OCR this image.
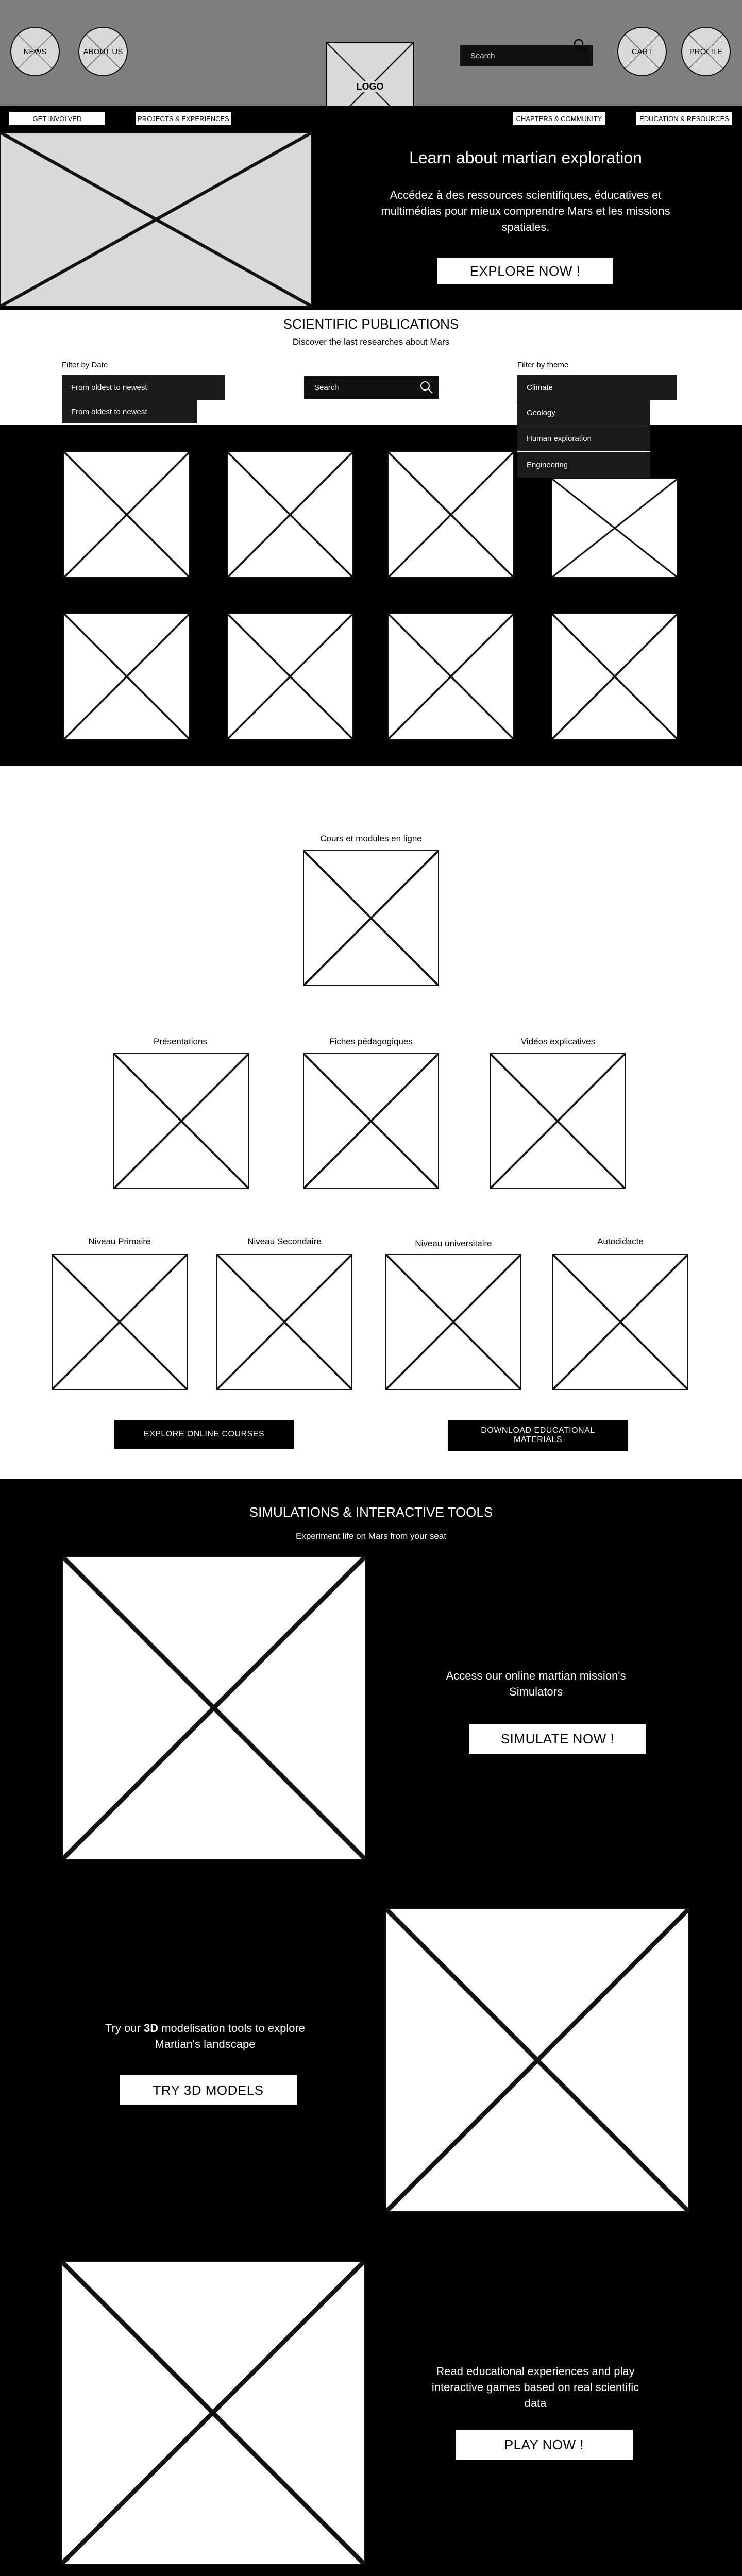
NEWS	ABOUT US
LOGO
Search	CART	PROFILE
GET INVOLVED	PROJECTS & EXPERIENCES	CHAPTERS & COMMUNITY	EDUCATION & RESOURCES
Learn about martian exploration
Accédez à des ressources scientifiques, éducatives et multimédias pour mieux comprendre Mars et les missions spatiales.
EXPLORE NOW !
SCIENTIFIC PUBLICATIONS
Discover the last researches about Mars
Filter by Date
From oldest to newest
From oldest to newest
Search
Filter by theme
Climate
Geology
Human exploration
Engineering
Cours et modules en ligne
Présentations	Fiches pédagogiques	Vidéos explicatives
Niveau Primaire	Niveau Secondaire	Niveau universitaire	Autodidacte
EXPLORE ONLINE COURSES	DOWNLOAD EDUCATIONAL MATERIALS
SIMULATIONS & INTERACTIVE TOOLS
Experiment life on Mars from your seat
Access our online martian mission's Simulators
SIMULATE NOW !
Try our 3D modelisation tools to explore Martian's landscape
TRY 3D MODELS
Read educational experiences and play interactive games based on real scientific data
PLAY NOW !
